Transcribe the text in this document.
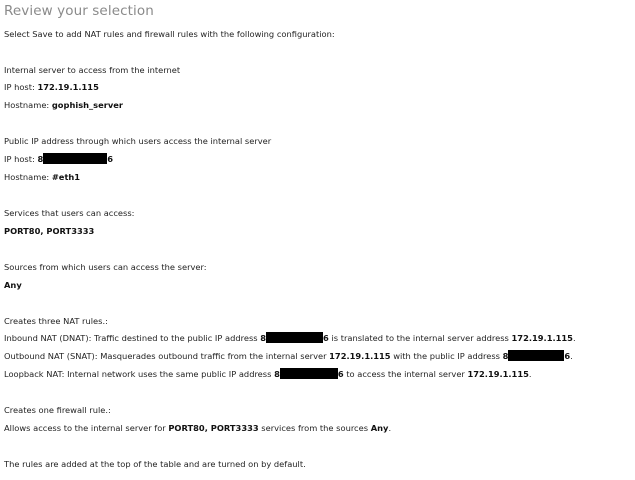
Review your selection
Select Save to add NAT rules and firewall rules with the following configuration:
Internal server to access from the internet
IP host: 172.19.1.115
Hostname: gophish_server
Public IP address through which users access the internal server
IP host: 8	6
Hostname: #eth1
Services that users can access:
PORT80, PORT3333
Sources from which users can access the server:
Any
Creates three NAT rules.:
Inbound NAT (DNAT): Traffic destined to the public IP address 8	6 is translated to the internal server address 172.19.1.115.
Outbound NAT (SNAT): Masquerades outbound traffic from the internal server 172.19.1.115 with the public IP address 8	6.
Loopback NAT: Internal network uses the same public IP address 8	6 to access the internal server 172.19.1.115.
Creates one firewall rule.:
Allows access to the internal server for PORT80, PORT3333 services from the sources Any.
The rules are added at the top of the table and are turned on by default.
